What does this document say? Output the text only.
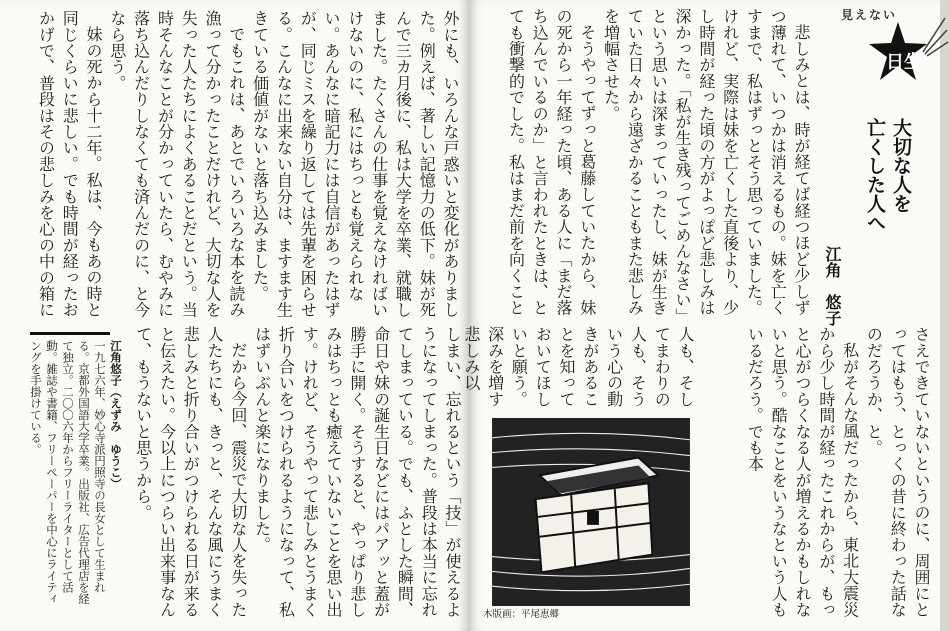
外にも、いろんな戸惑いと変化がありました。例えば、著しい記憶力の低下。妹が死んで三カ月後に、私は大学を卒業、就職しました。たくさんの仕事を覚えなければいけないのに、私にはちっとも覚えられない。あんなに暗記力には自信があったはずが、同じミスを繰り返しては先輩を困らせる。こんなに出来ない自分は、ますます生きている価値がないと落ち込みました。

でもこれは、あとでいろいろな本を読み漁って分かったことだけれど、大切な人を失った人たちによくあることだという。当時そんなことが分かっていたら、むやみに落ち込んだりしなくても済んだのに、と今なら思う。

妹の死から十二年。私は、今もあの時と同じくらいに悲しい。でも時間が経ったおかげで、普段はその悲しみを心の中の箱に

しまい、忘れるという「技」が使えるようになってしまった。普段は本当に忘れてしまっている。でも、ふとした瞬間、命日や妹の誕生日などにはパアッと蓋が勝手に開く。そうすると、やっぱり悲しみはちっとも癒えていないことを思い出す。けれど、そうやって悲しみとうまく折り合いをつけられるようになって、私はずいぶんと楽になりました。

だから今回、震災で大切な人を失った人たちにも、きっと、そんな風にうまく悲しみと折り合いがつけられる日が来ると伝えたい。今以上につらい出来事なんて、もうないと思うから。

江角悠子（えずみ　ゆうこ）

一九七六年、妙心寺派円照寺の長女として生まれる。京都外国語大学卒業。出版社、広告代理店を経て独立。二〇〇六年からフリーライターとして活動。雑誌や書籍、フリーペーパーを中心にライティングを手掛けている。

見えない
日生
大切な人を
亡くした人へ
江角　悠子

悲しみとは、時が経てば経つほど少しずつ薄れて、いつかは消えるもの。妹を亡くすまで、私はずっとそう思っていました。けれど、実際は妹を亡くした直後より、少し時間が経った頃の方がよっぽど悲しみは深かった。「私が生き残ってごめんなさい」という思いは深まっていったし、妹が生きていた日々から遠ざかることもまた悲しみを増幅させた。

そうやってずっと葛藤していたから、妹の死から一年経った頃、ある人に「まだ落ち込んでいるのか」と言われたときは、とても衝撃的でした。私はまだ前を向くこと

さえできていないというのに、周囲にとってはもう、とっくの昔に終わった話なのだろうか、と。

私がそんな風だったから、東北大震災から少し時間が経ったこれからが、もっと心がつらくなる人が増えるかもしれないと思う。酷なことをいうなという人もいるだろう。でも本

人も、そしてまわりの人も、そういう心の動きがあることを知っておいてほしいと願う。深みを増す悲しみ以

木版画：平尾恵郷
